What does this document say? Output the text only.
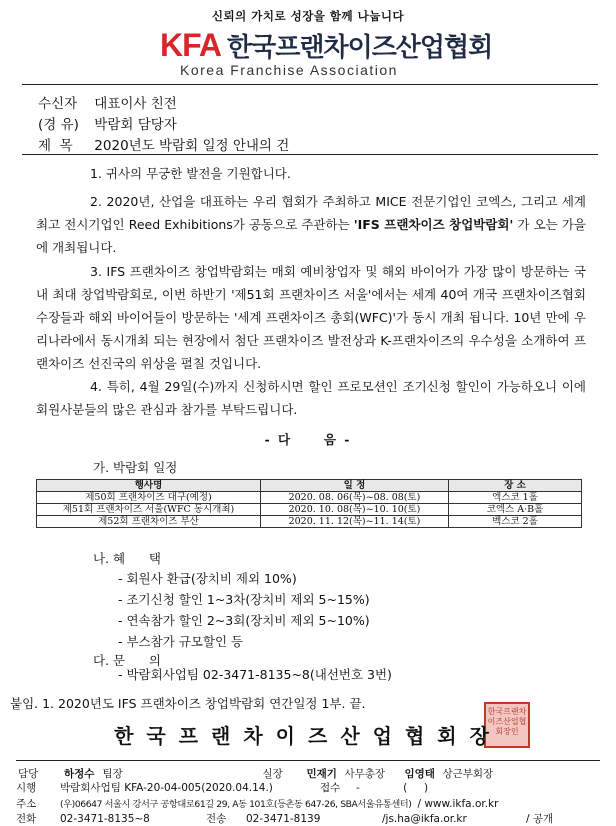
신뢰의 가치로 성장을 함께 나눕니다
KFA 한국프랜차이즈산업협회
Korea Franchise Association
수신자 대표이사 친전
(경 유) 박람회 담당자
제  목 2020년도 박람회 일정 안내의 건
1. 귀사의 무궁한 발전을 기원합니다.
2. 2020년, 산업을 대표하는 우리 협회가 주최하고 MICE 전문기업인 코엑스, 그리고 세계 최고 전시기업인 Reed Exhibitions가 공동으로 주관하는 'IFS 프랜차이즈 창업박람회' 가 오는 가을에 개최됩니다.
3. IFS 프랜차이즈 창업박람회는 매회 예비창업자 및 해외 바이어가 가장 많이 방문하는 국내 최대 창업박람회로, 이번 하반기 '제51회 프랜차이즈 서울'에서는 세계 40여 개국 프랜차이즈협회 수장들과 해외 바이어들이 방문하는 '세계 프랜차이즈 총회(WFC)'가 동시 개최 됩니다. 10년 만에 우리나라에서 동시개최 되는 현장에서 첨단 프랜차이즈 발전상과 K-프랜차이즈의 우수성을 소개하여 프랜차이즈 선진국의 위상을 펼칠 것입니다.
4. 특히, 4월 29일(수)까지 신청하시면 할인 프로모션인 조기신청 할인이 가능하오니 이에 회원사분들의 많은 관심과 참가를 부탁드립니다.
- 다     음 -
가. 박람회 일정
행사명	일 정	장 소
제50회 프랜차이즈 대구(예정)	2020. 08. 06(목)~08. 08(토)	엑스코 1홀
제51회 프랜차이즈 서울(WFC 동시개최)	2020. 10. 08(목)~10. 10(토)	코엑스 A·B홀
제52회 프랜차이즈 부산	2020. 11. 12(목)~11. 14(토)	벡스코 2홀
나. 혜      택
- 회원사 환급(장치비 제외 10%)
- 조기신청 할인 1~3차(장치비 제외 5~15%)
- 연속참가 할인 2~3회(장치비 제외 5~10%)
- 부스참가 규모할인 등
다. 문      의
- 박람회사업팀 02-3471-8135~8(내선번호 3번)
붙임. 1. 2020년도 IFS 프랜차이즈 창업박람회 연간일정 1부. 끝.
한국프랜차이즈산업협회장인
한국프랜차이즈산업협회장
담당	하정수	팀장	실장	민재기	사무총장	임영태	상근부회장
시행 박람회사업팀 KFA-20-04-005(2020.04.14.)	접수 -             (     )
주소	(우)06647 서울시 강서구 공항대로61길 29, A동 101호(등촌동 647-26, SBA서울유통센터) / www.ikfa.or.kr
전화 02-3471-8135~8	전송 02-3471-8139	/js.ha@ikfa.or.kr	/ 공개
